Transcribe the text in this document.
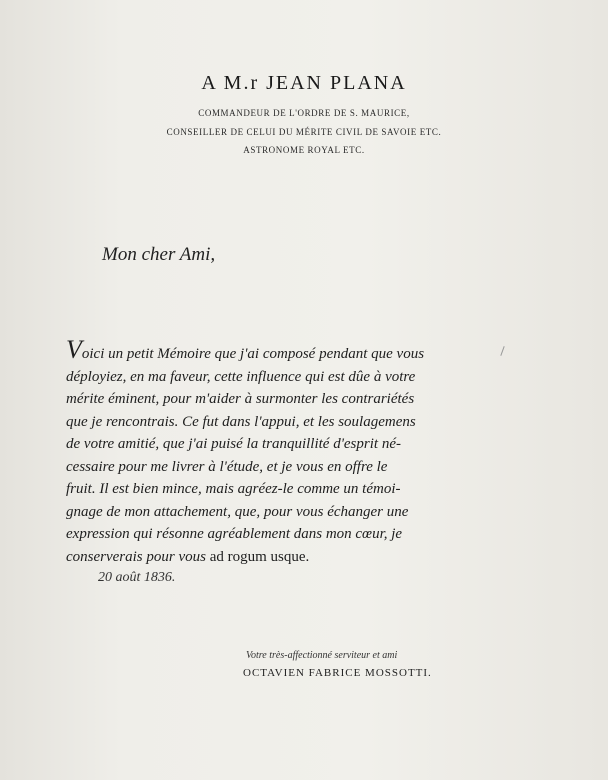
A M.r JEAN PLANA
COMMANDEUR DE L'ORDRE DE S. MAURICE,
CONSEILLER DE CELUI DU MÉRITE CIVIL DE SAVOIE ETC.
ASTRONOME ROYAL ETC.
Mon cher Ami,
Voici un petit Mémoire que j'ai composé pendant que vous
déployiez, en ma faveur, cette influence qui est dûe à votre
mérite éminent, pour m'aider à surmonter les contrariétés
que je rencontrais. Ce fut dans l'appui, et les soulagemens
de votre amitié, que j'ai puisé la tranquillité d'esprit né-
cessaire pour me livrer à l'étude, et je vous en offre le
fruit. Il est bien mince, mais agréez-le comme un témoi-
gnage de mon attachement, que, pour vous échanger une
expression qui résonne agréablement dans mon cœur, je
conserverais pour vous ad rogum usque.
20 août 1836.
Votre très-affectionné serviteur et ami
OCTAVIEN FABRICE MOSSOTTI.
